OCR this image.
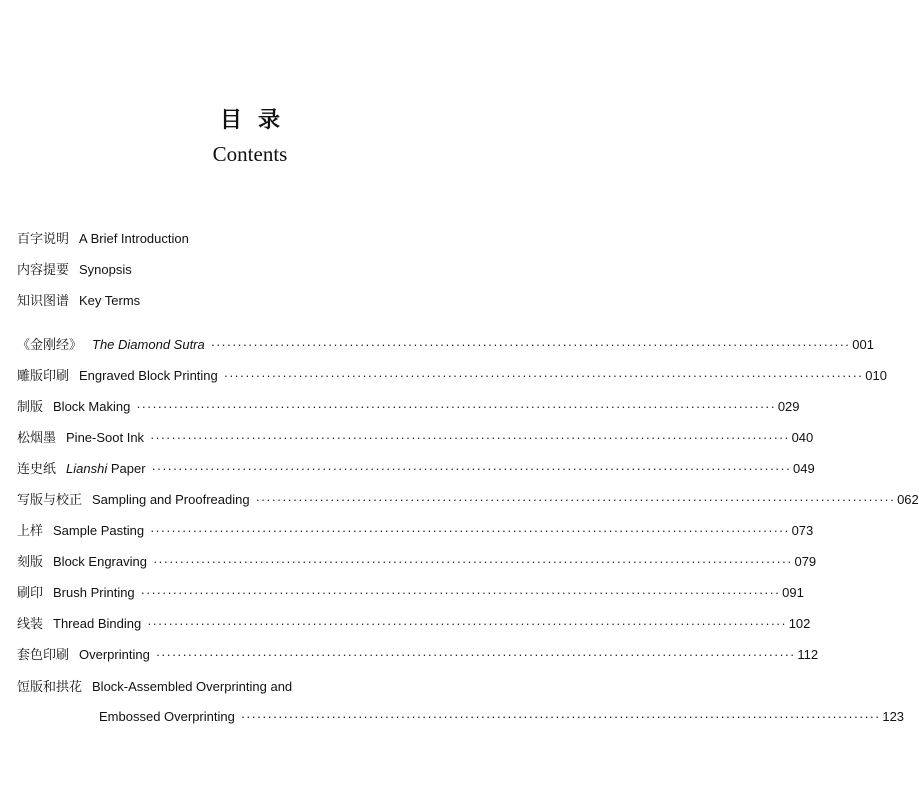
目录
Contents
百字说明 A Brief Introduction
内容提要 Synopsis
知识图谱 Key Terms
《金刚经》 The Diamond Sutra ························································································································ 001
雕版印刷 Engraved Block Printing ························································································································ 010
制版 Block Making ························································································································ 029
松烟墨 Pine-Soot Ink ························································································································ 040
连史纸 Lianshi Paper ························································································································ 049
写版与校正 Sampling and Proofreading ························································································································ 062
上样 Sample Pasting ························································································································ 073
刻版 Block Engraving ························································································································ 079
刷印 Brush Printing ························································································································ 091
线装 Thread Binding ························································································································ 102
套色印刷 Overprinting ························································································································ 112
饾版和拱花 Block-Assembled Overprinting and
Embossed Overprinting ························································································································ 123
